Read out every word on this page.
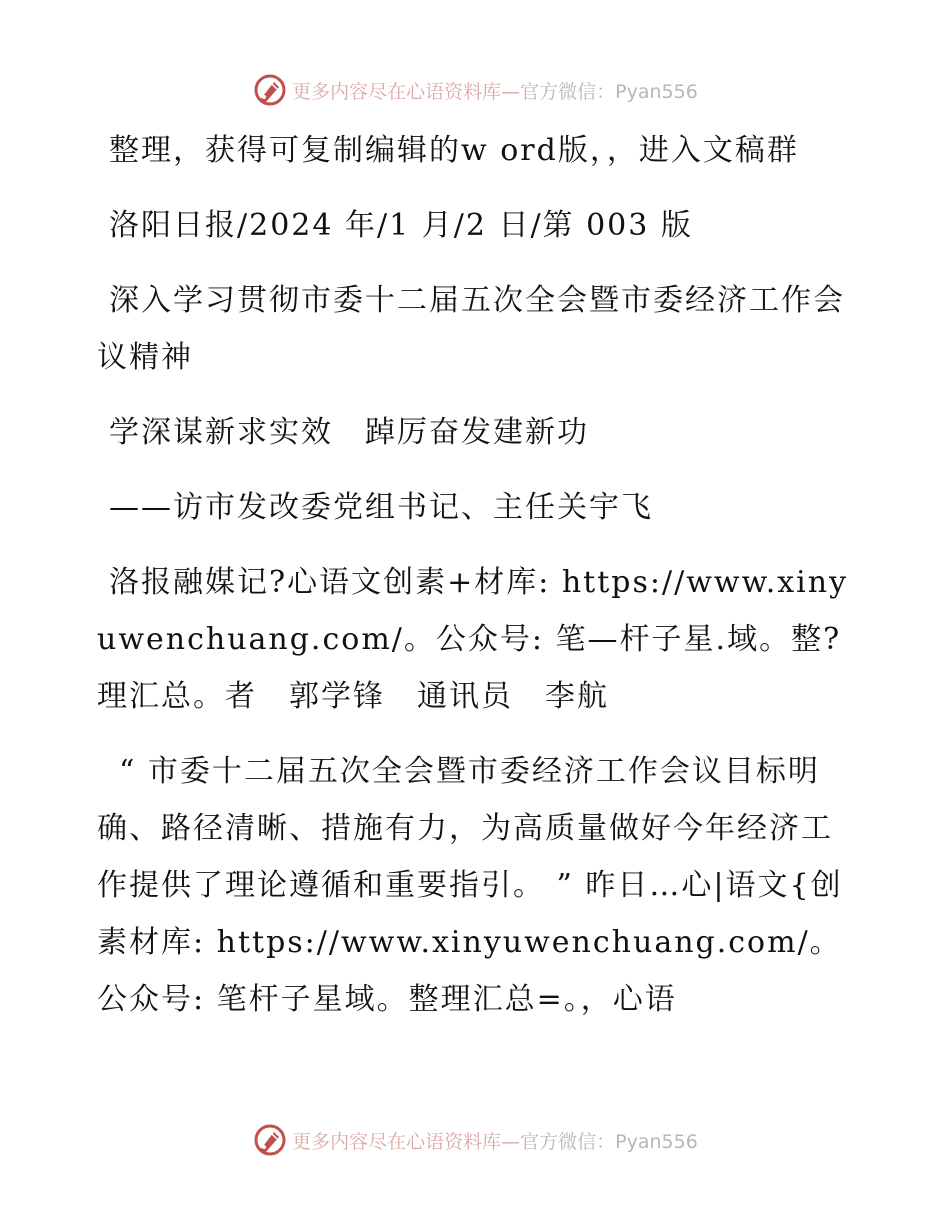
更多内容尽在心语资料库—官方微信：Pyan556

整理，获得可复制编辑的w ord版，，进入文稿群

洛阳日报/2024 年/1 月/2 日/第 003 版

深入学习贯彻市委十二届五次全会暨市委经济工作会议精神

学深谋新求实效　踔厉奋发建新功

——访市发改委党组书记、主任关宇飞

洛报融媒记?心语文创素+材库: https://www.xinyuwenchuang.com/。公众号: 笔—杆子星.域。整?理汇总。者　郭学锋　通讯员　李航

“ 市委十二届五次全会暨市委经济工作会议目标明确、路径清晰、措施有力，为高质量做好今年经济工作提供了理论遵循和重要指引。 ” 昨日…心|语文{创素材库: https://www.xinyuwenchuang.com/。公众号: 笔杆子星域。整理汇总=。，心语

更多内容尽在心语资料库—官方微信：Pyan556
